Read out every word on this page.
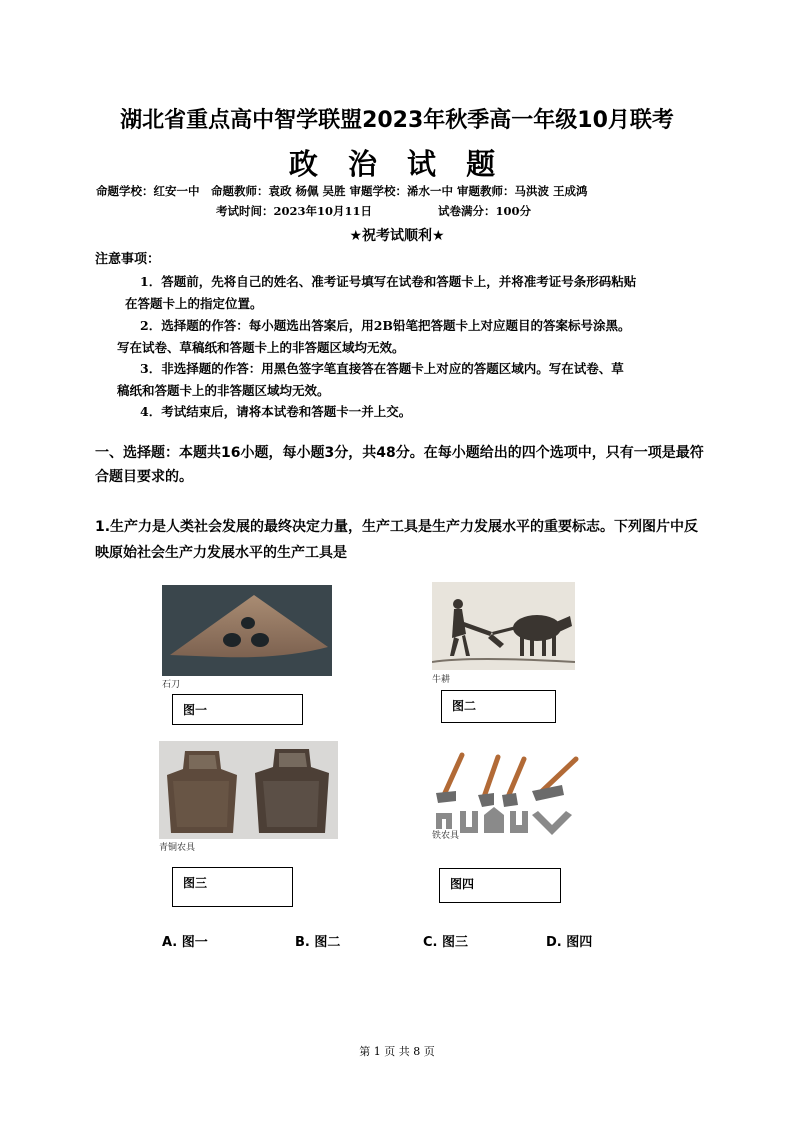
湖北省重点高中智学联盟2023年秋季高一年级10月联考
政 治 试 题
命题学校：红安一中　命题教师：袁政 杨佩 吴胜 审题学校：浠水一中 审题教师：马洪波 王成鸿
考试时间：2023年10月11日	试卷满分：100分
★祝考试顺利★
注意事项：
1．答题前，先将自己的姓名、准考证号填写在试卷和答题卡上，并将准考证号条形码粘贴
在答题卡上的指定位置。
2．选择题的作答：每小题选出答案后，用2B铅笔把答题卡上对应题目的答案标号涂黑。
写在试卷、草稿纸和答题卡上的非答题区域均无效。
3．非选择题的作答：用黑色签字笔直接答在答题卡上对应的答题区域内。写在试卷、草
稿纸和答题卡上的非答题区域均无效。
4．考试结束后，请将本试卷和答题卡一并上交。
一、选择题：本题共16小题，每小题3分，共48分。在每小题给出的四个选项中，只有一项是最符合题目要求的。
1.生产力是人类社会发展的最终决定力量，生产工具是生产力发展水平的重要标志。下列图片中反映原始社会生产力发展水平的生产工具是
石刀
图一
牛耕
图二
青铜农具
图三
铁农具
图四
A. 图一	B. 图二	C. 图三	D. 图四
第 1 页 共 8 页
